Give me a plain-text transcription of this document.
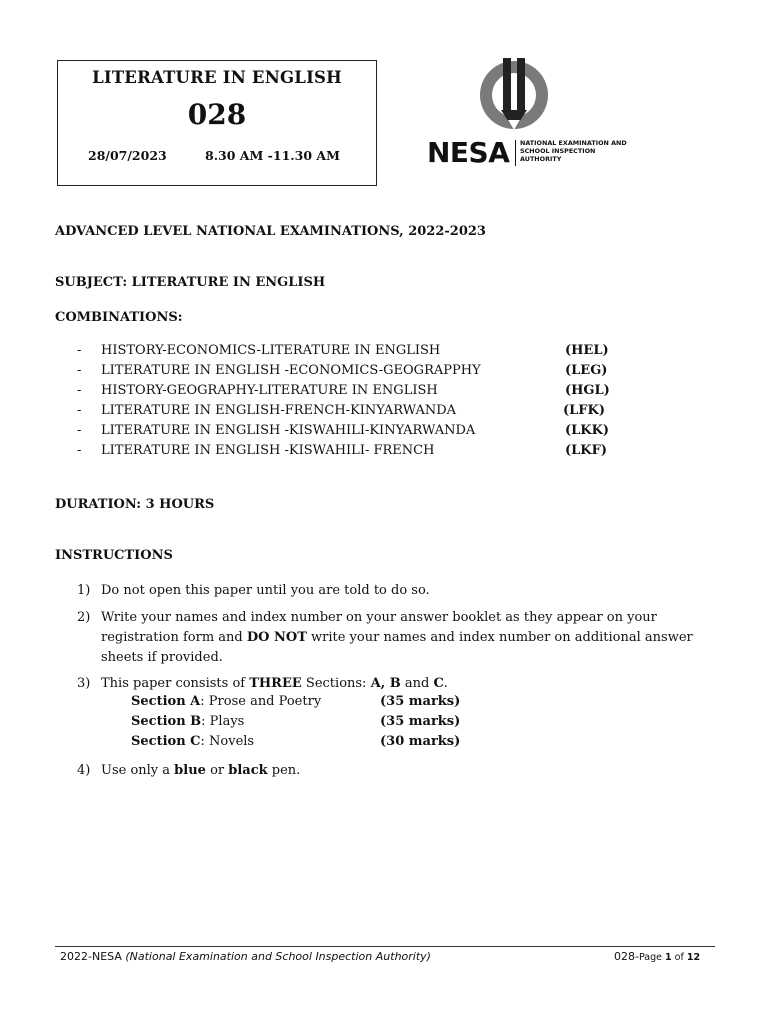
LITERATURE IN ENGLISH
028
28/07/2023	8.30 AM -11.30 AM	NESA NATIONAL EXAMINATION AND
SCHOOL INSPECTION
AUTHORITY
ADVANCED LEVEL NATIONAL EXAMINATIONS, 2022-2023
SUBJECT: LITERATURE IN ENGLISH
COMBINATIONS:
- HISTORY-ECONOMICS-LITERATURE IN ENGLISH	(HEL)
- LITERATURE IN ENGLISH -ECONOMICS-GEOGRAPPHY	(LEG)
- HISTORY-GEOGRAPHY-LITERATURE IN ENGLISH	(HGL)
- LITERATURE IN ENGLISH-FRENCH-KINYARWANDA	(LFK)
- LITERATURE IN ENGLISH -KISWAHILI-KINYARWANDA	(LKK)
- LITERATURE IN ENGLISH -KISWAHILI- FRENCH	(LKF)
DURATION: 3 HOURS
INSTRUCTIONS
1) Do not open this paper until you are told to do so.
2) Write your names and index number on your answer booklet as they appear on your registration form and DO NOT write your names and index number on additional answer sheets if provided.
3) This paper consists of THREE Sections: A, B and C.
Section A: Prose and Poetry	(35 marks)
Section B: Plays	(35 marks)
Section C: Novels	(30 marks)
4) Use only a blue or black pen.
2022-NESA (National Examination and School Inspection Authority)	028-Page 1 of 12
